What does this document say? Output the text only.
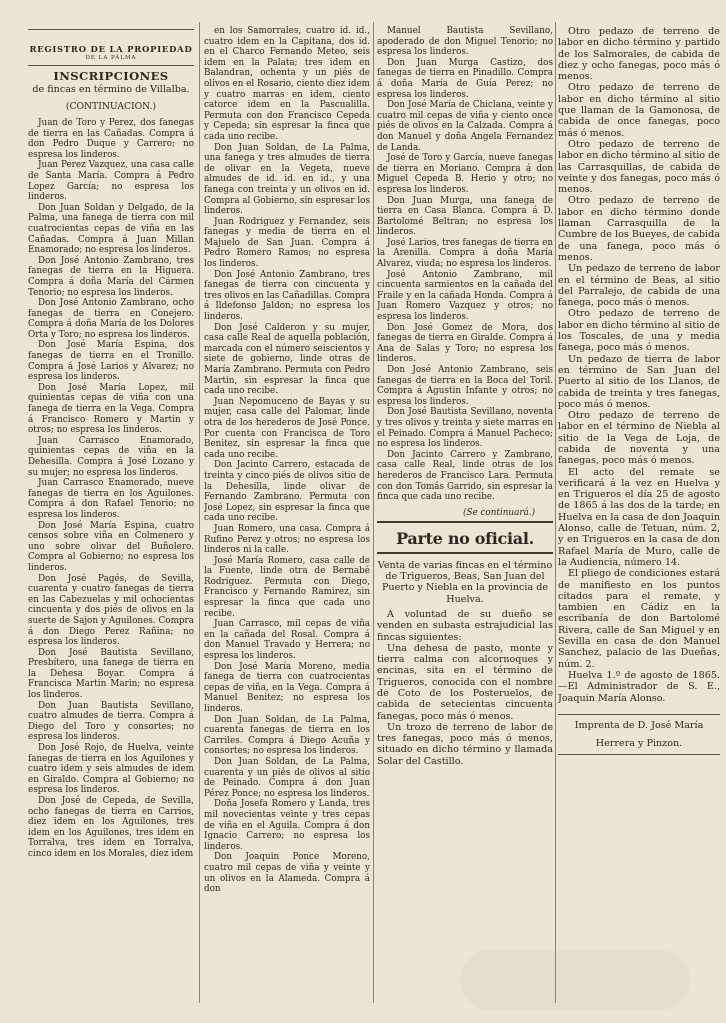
REGISTRO DE LA PROPIEDAD
DE LA PALMA
INSCRIPCIONES
de fincas en término de Villalba.
(CONTINUACION.)

Juan de Toro y Perez, dos fanegas de tierra en las Cañadas. Compra á don Pedro Duque y Carrero; no espresa los linderos.

Juan Perez Vazquez, una casa calle de Santa María. Compra á Pedro Lopez García; no espresa los linderos.

Don Juan Soldan y Delgado, de la Palma, una fanega de tierra con mil cuatrocientas cepas de viña en las Cañadas. Compra á Juan Millan Enamorado; no espresa los linderos.

Don José Antonio Zambrano, tres fanegas de tierra en la Higuera. Compra á doña María del Cármen Tenorio; no espresa los linderos.

Don José Antonio Zambrano, ocho fanegas de tierra en Conejero. Compra á doña María de los Dolores Orta y Toro; no espresa los linderos.

Don José María Espina, dos fanegas de tierra en el Tronillo. Compra á José Larios y Alvarez; no espresa los linderos.

Don José María Lopez, mil quinientas cepas de viña con una fanega de tierra en la Vega. Compra á Francisco Romero y Martin y otros; no espresa los linderos.

Juan Carrasco Enamorado, quinientas cepas de viña en la Dehesilla. Compra á José Lozano y su mujer; no espresa los linderos.

Juan Carrasco Enamorado, nueve fanegas de tierra en los Aguilones. Compra á don Rafael Tenorio; no espresa los linderos.

Don José María Espina, cuatro censos sobre viña en Colmenero y uno sobre olivar del Buñolero. Compra al Gobierno; no espresa los linderos.

Don José Pagés, de Sevilla, cuarenta y cuatro fanegas de tierra en las Cabezuelas y mil ochocientas cincuenta y dos piés de olivos en la suerte de Sajon y Aguilones. Compra á don Diego Perez Rañina; no espresa los linderos.

Don José Bautista Sevillano, Presbítero, una fanega de tierra en la Dehesa Boyar. Compra á Francisca Martin Marin; no espresa los linderos.

Don Juan Bautista Sevillano, cuatro almudes de tierra. Compra á Diego del Toro y consortes; no espresa los linderos.

Don José Rojo, de Huelva, veinte fanegas de tierra en los Aguilones y cuatro idem y seis almudes de idem en Giraldo. Compra al Gobierno; no espresa los linderos.

Don José de Cepeda, de Sevilla, ocho fanegas de tierra en Carrios, diez idem en los Aguilones, tres idem en los Aguilones, tres idem en Torralva, tres idem en Torralva, cinco idem en los Morales, diez idem

en los Samorrales, cuatro id. id., cuatro idem en la Capitana, dos id. en el Charco Fernando Meteo, seis idem en la Palata; tres idem en Balandran, ochenta y un piés de olivos en el Rosario, ciento diez idem y cuatro marras en idem, ciento catorce idem en la Pascualilla. Permuta con don Francisco Cepeda y Cepeda; sin espresar la finca que cada uno recibe.

Don Juan Soldan, de La Palma, una fanega y tres almudes de tierra de olivar en la Vegeta, nueve almudes de id. id. en id., y una fanega con treinta y un olivos en id. Compra al Gobierno, sin espresar los linderos.

Juan Rodriguez y Fernandez, seis fanegas y media de tierra en el Majuelo de San Juan. Compra á Pedro Romero Ramos; no espresa los linderos.

Don José Antonio Zambrano, tres fanegas de tierra con cincuenta y tres olivos en las Cañadillas. Compra á Ildefonso Jaldon; no espresa los linderos.

Don José Calderon y su mujer, casa calle Real de aquella población, marcada con el número seiscientos y siete de gobierno, linde otras de María Zambrano. Permuta con Pedro Martin, sin espresar la finca que cada uno recibe.

Juan Nepomuceno de Bayas y su mujer, casa calle del Palomar, linde otra de los herederos de José Ponce. Por cuenta con Francisca de Toro Benitez, sin espresar la finca que cada uno recibe.

Don Jacinto Carrero, estacada de treinta y cinco piés de olivos sitio de la Dehesilla, linde olivar de Fernando Zambrano. Permuta con José Lopez, sin espresar la finca que cada uno recibe.

Juan Romero, una casa. Compra á Rufino Perez y otros; no espresa los linderos ni la calle.

José María Romero, casa calle de la Fuente, linde otra de Bernabé Rodriguez. Permuta con Diego, Francisco y Fernando Ramirez, sin espresar la finca que cada uno recibe.

Juan Carrasco, mil cepas de viña en la cañada del Rosal. Compra á don Manuel Travado y Herrera; no espresa los linderos.

Don José María Moreno, media fanega de tierra con cuatrocientas cepas de viña, en la Vega. Compra á Manuel Benitez; no espresa los linderos.

Don Juan Soldan, de La Palma, cuarenta fanegas de tierra en los Carriles. Compra á Diego Acuña y consortes; no espresa los linderos.

Don Juan Soldan, de La Palma, cuarenta y un piés de olivos al sitio de Peinado. Compra á don Juan Pérez Ponce; no espresa los linderos.

Doña Josefa Romero y Landa, tres mil novecientas veinte y tres cepas de viña en el Aguila. Compra á don Ignacio Carrero; no espresa los linderos.

Don Joaquin Ponce Moreno, cuatro mil cepas de viña y veinte y un olivos en la Alameda. Compra á don

Manuel Bautista Sevillano, apoderado de don Miguel Tenorio; no espresa los linderos.

Don Juan Murga Castizo, dos fanegas de tierra en Pinadillo. Compra á doña María de Guía Perez; no espresa los linderos.

Don José María de Chiclana, veinte y cuatro mil cepas de viña y ciento once piés de olivos en la Calzada. Compra á don Manuel y doña Angela Fernandez de Landa.

José de Toro y García, nueve fanegas de tierra en Moriano. Compra á don Miguel Cepeda B. Herio y otro; no espresa los linderos.

Don Juan Murga, una fanega de tierra en Casa Blanca. Compra á D. Bartolomé Beltran; no espresa los linderos.

José Larios, tres fanegas de tierra en la Arenilla. Compra á doña María Alvarez, viuda; no espresa los linderos.

José Antonio Zambrano, mil cincuenta sarmientos en la cañada del Fraile y en la cañada Honda. Compra á Juan Romero Vazquez y otros; no espresa los linderos.

Don José Gomez de Mora, dos fanegas de tierra en Giralde. Compra á Ana de Salas y Toro; no espresa los linderos.

Don José Antonio Zambrano, seis fanegas de tierra en la Boca del Toril. Compra á Agustin Infante y otros; no espresa los linderos.

Don José Bautista Sevillano, noventa y tres olivos y treinta y siete marras en el Peinado. Compra á Manuel Pacheco; no espresa los linderos.

Don Jacinto Carrero y Zambrano, casa calle Real, linde otras de los herederos de Francisco Lara. Permuta con don Tomás Garrido, sin espresar la finca que cada uno recibe.

(Se continuará.)
Parte no oficial.
Venta de varias fincas en el término de Trigueros, Beas, San Juan del Puerto y Niebla en la provincia de Huelva.

A voluntad de su dueño se venden en subasta estrajudicial las fincas siguientes:

Una dehesa de pasto, monte y tierra calma con alcornoques y encinas, sita en el término de Trigueros, conocida con el nombre de Coto de los Posteruelos, de cabida de setecientas cincuenta fanegas, poco más ó menos.

Un trozo de terreno de labor de tres fanegas, poco más ó menos, situado en dicho término y llamada Solar del Castillo.

Otro pedazo de terreno de labor en dicho término y partido de los Salmorales, de cabida de diez y ocho fanegas, poco más ó menos.

Otro pedazo de terreno de labor en dicho término al sitio que llaman de la Gamonosa, de cabida de once fanegas, poco más ó menos.

Otro pedazo de terreno de labor en dicho término al sitio de las Carrasquillas, de cabida de veinte y dos fanegas, poco más ó menos.

Otro pedazo de terreno de labor en dicho término donde llaman Carrasquilla de la Cumbre de los Bueyes, de cabida de una fanega, poco más ó menos.

Un pedazo de terreno de labor en el término de Beas, al sitio del Parralejo, de cabida de una fanega, poco más ó menos.

Otro pedazo de terreno de labor en dicho término al sitio de los Toscales, de una y media fanega, poco más ó menos.

Un pedazo de tierra de labor en término de San Juan del Puerto al sitio de los Llanos, de cabida de treinta y tres fanegas, poco más ó menos.

Otro pedazo de terreno de labor en el término de Niebla al sitio de la Vega de Loja, de cabida de noventa y una fanegas, poco más ó menos.

El acto del remate se verificará á la vez en Huelva y en Trigueros el día 25 de agosto de 1865 á las dos de la tarde; en Huelva en la casa de don Joaquin Alonso, calle de Tetuan, núm. 2, y en Trigueros en la casa de don Rafael María de Muro, calle de la Audiencia, número 14.

El pliego de condiciones estará de manifiesto en los puntos citados para el remate, y tambien en Cádiz en la escribanía de don Bartolomé Rivera, calle de San Miguel y en Sevilla en casa de don Manuel Sanchez, palacio de las Dueñas, núm. 2.

Huelva 1.º de agosto de 1865.—El Administrador de S. E., Joaquin María Alonso.

Imprenta de D. José María
Herrera y Pinzon.
